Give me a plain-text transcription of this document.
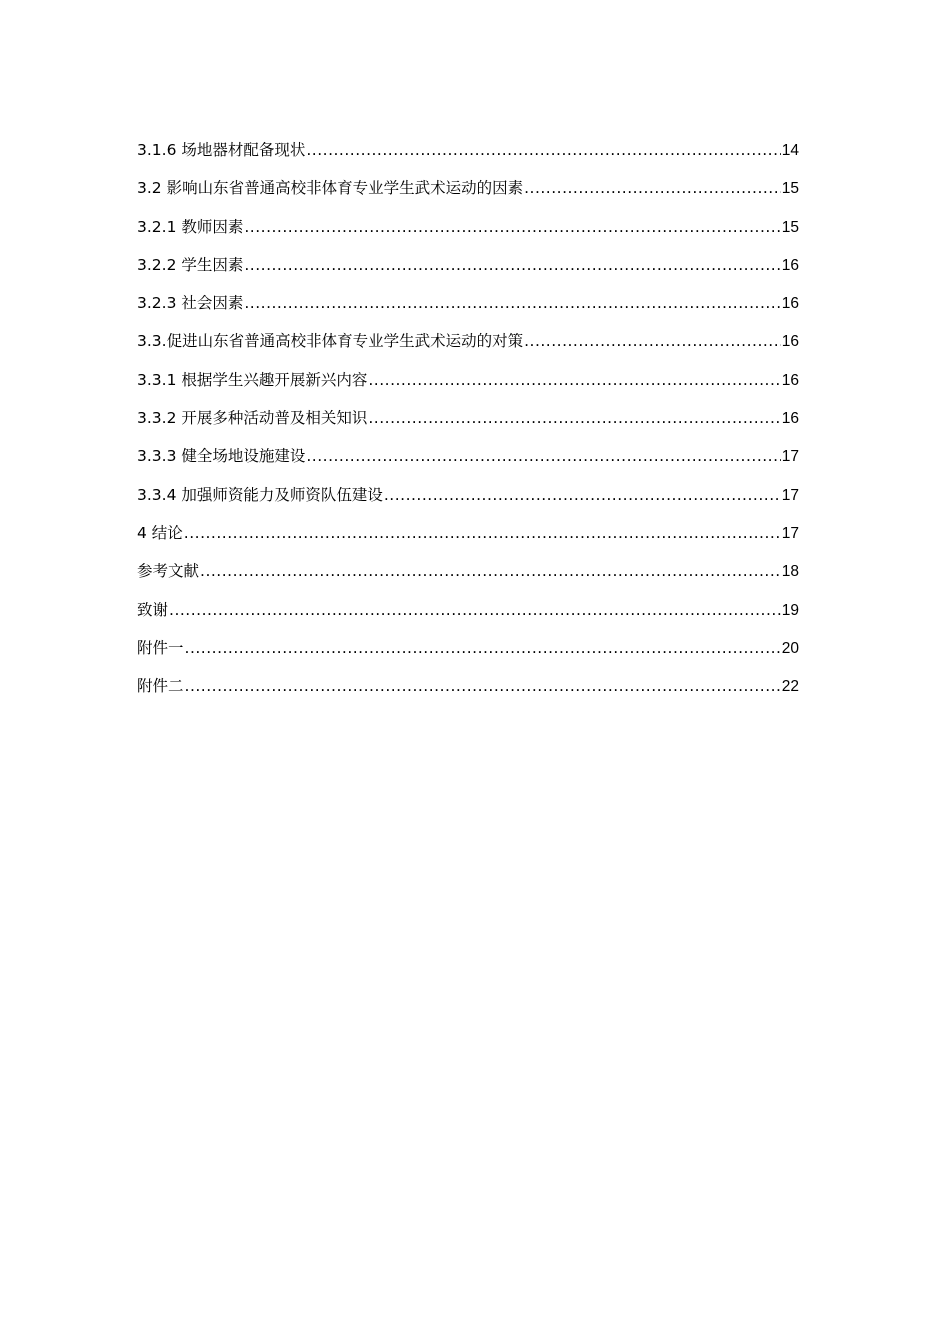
3.1.6 场地器材配备现状 .....	14
3.2 影响山东省普通高校非体育专业学生武术运动的因素 .....	15
3.2.1 教师因素 .....	15
3.2.2 学生因素 .....	16
3.2.3 社会因素 .....	16
3.3.促进山东省普通高校非体育专业学生武术运动的对策 .....	16
3.3.1 根据学生兴趣开展新兴内容 .....	16
3.3.2 开展多种活动普及相关知识 .....	16
3.3.3 健全场地设施建设 .....	17
3.3.4 加强师资能力及师资队伍建设 .....	17
4 结论 .....	17
参考文献 .....	18
致谢 .....	19
附件一 .....	20
附件二 .....	22
